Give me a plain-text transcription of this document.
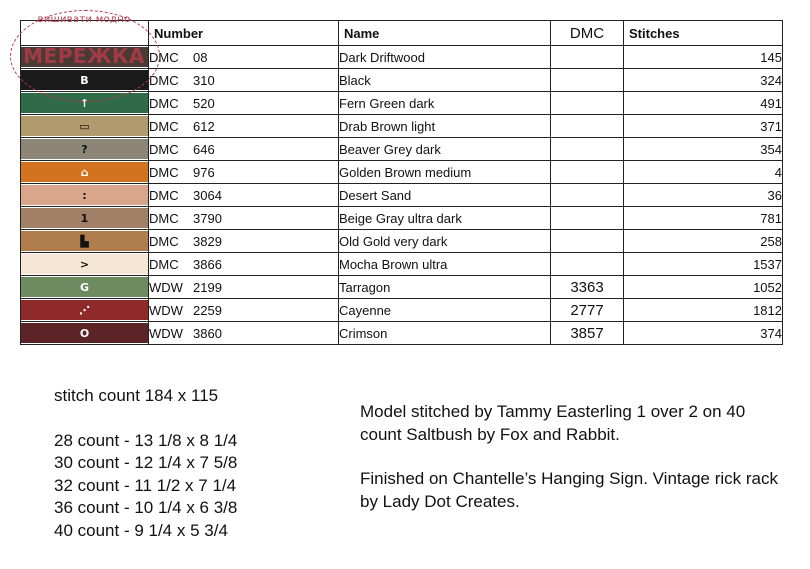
	Number	Name	DMC	Stitches

	DMC 08	Dark Driftwood		145

B	DMC 310	Black		324

↑	DMC 520	Fern Green dark		491

▭	DMC 612	Drab Brown light		371

?	DMC 646	Beaver Grey dark		354

⌂	DMC 976	Golden Brown medium		4

:	DMC 3064	Desert Sand		36

1	DMC 3790	Beige Gray ultra dark		781

▙	DMC 3829	Old Gold very dark		258

>	DMC 3866	Mocha Brown ultra		1537

G	WDW 2199	Tarragon	3363	1052

⋰	WDW 2259	Cayenne	2777	1812

O	WDW 3860	Crimson	3857	374
вишивати модно
МЕРЕЖКА
stitch count 184 x 115
28 count - 13 1/8 x 8 1/4
30 count - 12 1/4 x 7 5/8
32 count - 11 1/2 x 7 1/4
36 count - 10 1/4 x 6 3/8
40 count - 9 1/4 x 5 3/4

Model stitched by Tammy Easterling 1 over 2 on 40 count Saltbush by Fox and Rabbit.

Finished on Chantelle’s Hanging Sign. Vintage rick rack by Lady Dot Creates.
